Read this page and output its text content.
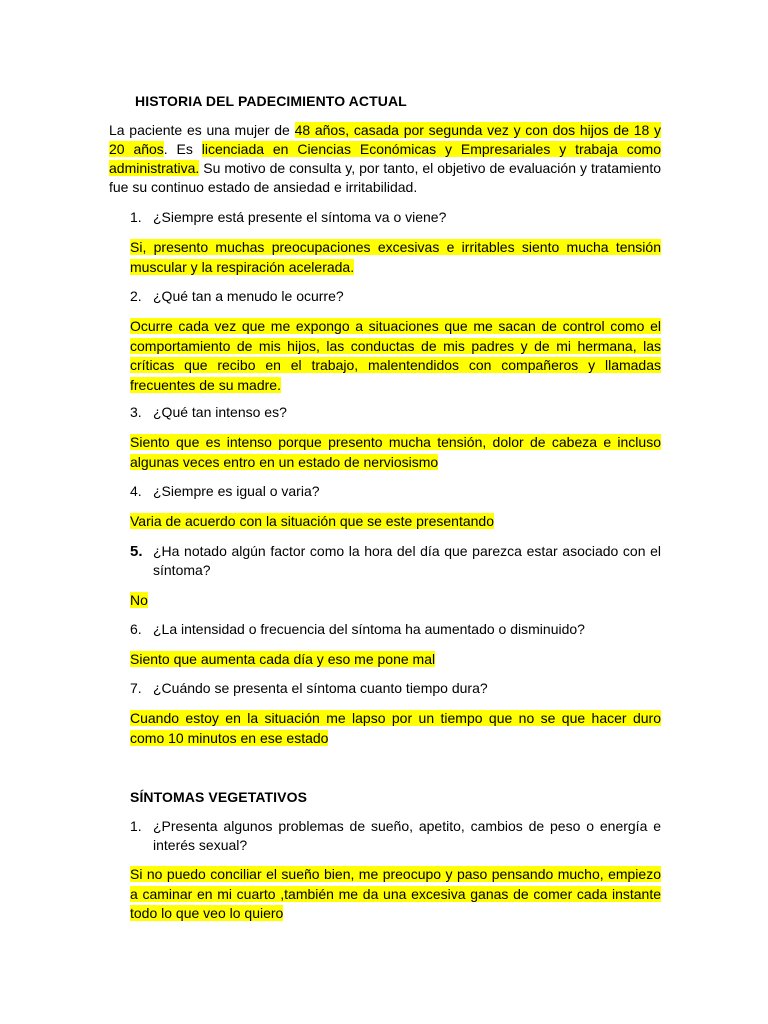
HISTORIA DEL PADECIMIENTO ACTUAL

La paciente es una mujer de 48 años, casada por segunda vez y con dos hijos de 18 y 20 años. Es licenciada en Ciencias Económicas y Empresariales y trabaja como administrativa. Su motivo de consulta y, por tanto, el objetivo de evaluación y tratamiento fue su continuo estado de ansiedad e irritabilidad.

1. ¿Siempre está presente el síntoma va o viene?

Si, presento muchas preocupaciones excesivas e irritables siento mucha tensión muscular y la respiración acelerada.

2. ¿Qué tan a menudo le ocurre?

Ocurre cada vez que me expongo a situaciones que me sacan de control como el comportamiento de mis hijos, las conductas de mis padres y de mi hermana, las críticas que recibo en el trabajo, malentendidos con compañeros y llamadas frecuentes de su madre.

3. ¿Qué tan intenso es?

Siento que es intenso porque presento mucha tensión, dolor de cabeza e incluso algunas veces entro en un estado de nerviosismo

4. ¿Siempre es igual o varia?

Varia de acuerdo con la situación que se este presentando

5. ¿Ha notado algún factor como la hora del día que parezca estar asociado con el síntoma?

No

6. ¿La intensidad o frecuencia del síntoma ha aumentado o disminuido?

Siento que aumenta cada día y eso me pone mal

7. ¿Cuándo se presenta el síntoma cuanto tiempo dura?

Cuando estoy en la situación me lapso por un tiempo que no se que hacer duro como 10 minutos en ese estado

SÍNTOMAS VEGETATIVOS

1. ¿Presenta algunos problemas de sueño, apetito, cambios de peso o energía e interés sexual?

Si no puedo conciliar el sueño bien, me preocupo y paso pensando mucho, empiezo a caminar en mi cuarto ,también me da una excesiva ganas de comer cada instante todo lo que veo lo quiero
